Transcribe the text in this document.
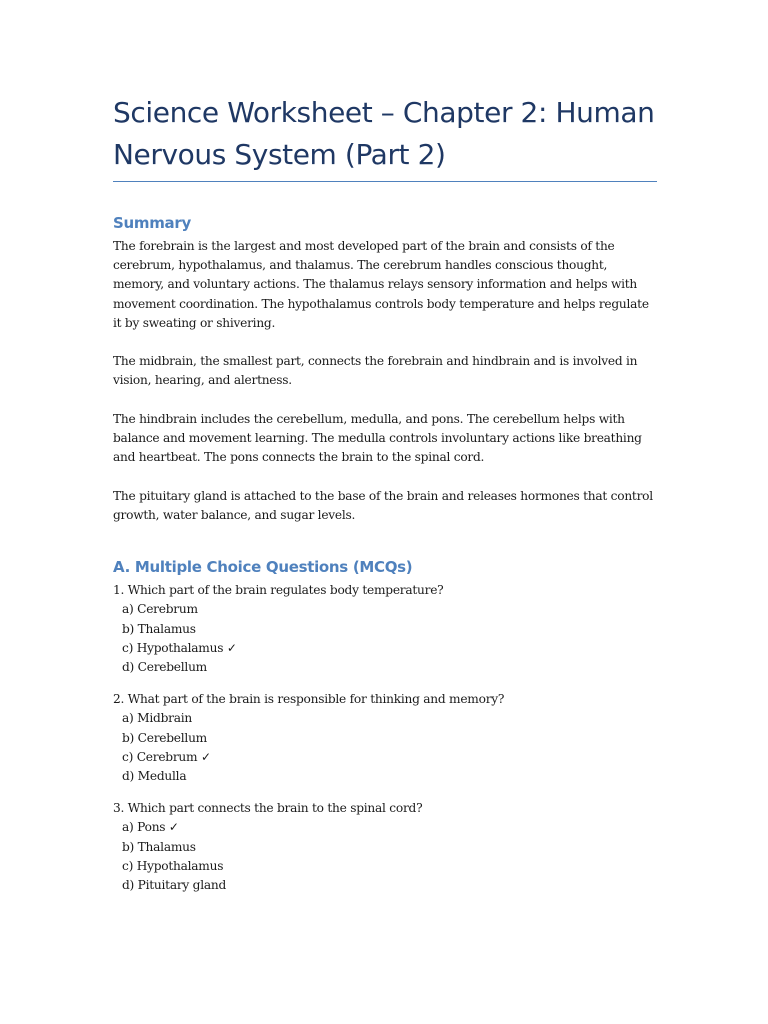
Science Worksheet – Chapter 2: Human Nervous System (Part 2)
Summary

The forebrain is the largest and most developed part of the brain and consists of the cerebrum, hypothalamus, and thalamus. The cerebrum handles conscious thought, memory, and voluntary actions. The thalamus relays sensory information and helps with movement coordination. The hypothalamus controls body temperature and helps regulate it by sweating or shivering.

The midbrain, the smallest part, connects the forebrain and hindbrain and is involved in vision, hearing, and alertness.

The hindbrain includes the cerebellum, medulla, and pons. The cerebellum helps with balance and movement learning. The medulla controls involuntary actions like breathing and heartbeat. The pons connects the brain to the spinal cord.

The pituitary gland is attached to the base of the brain and releases hormones that control growth, water balance, and sugar levels.

A. Multiple Choice Questions (MCQs)
1. Which part of the brain regulates body temperature?
a) Cerebrum
b) Thalamus
c) Hypothalamus ✓
d) Cerebellum
2. What part of the brain is responsible for thinking and memory?
a) Midbrain
b) Cerebellum
c) Cerebrum ✓
d) Medulla
3. Which part connects the brain to the spinal cord?
a) Pons ✓
b) Thalamus
c) Hypothalamus
d) Pituitary gland
